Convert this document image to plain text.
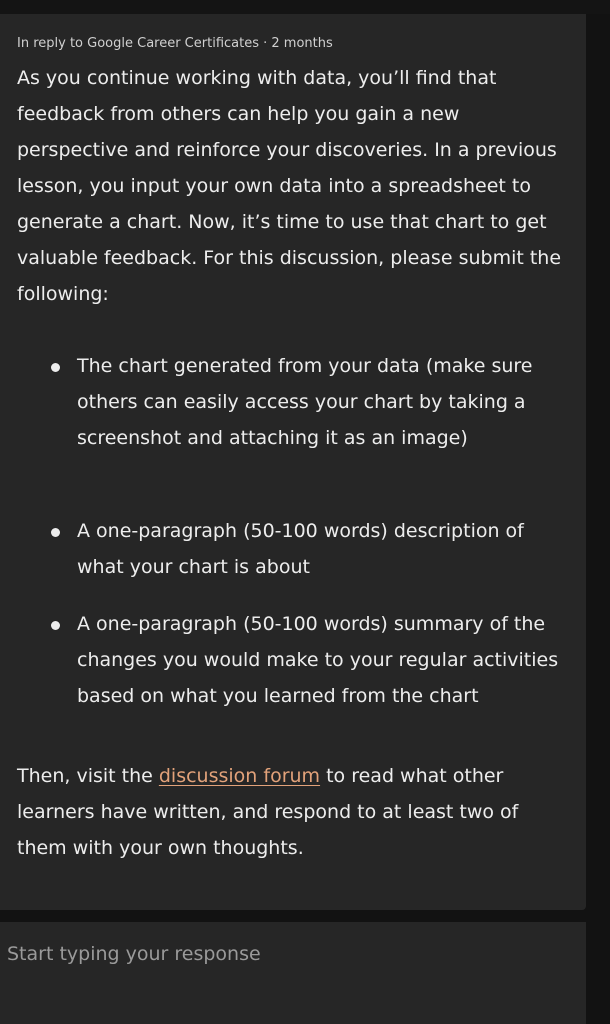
In reply to Google Career Certificates · 2 months

As you continue working with data, you’ll find that feedback from others can help you gain a new perspective and reinforce your discoveries. In a previous lesson, you input your own data into a spreadsheet to generate a chart. Now, it’s time to use that chart to get valuable feedback. For this discussion, please submit the following:

The chart generated from your data (make sure others can easily access your chart by taking a screenshot and attaching it as an image)
A one-paragraph (50-100 words) description of what your chart is about
A one-paragraph (50-100 words) summary of the changes you would make to your regular activities based on what you learned from the chart

Then, visit the discussion forum to read what other learners have written, and respond to at least two of them with your own thoughts.

Start typing your response
